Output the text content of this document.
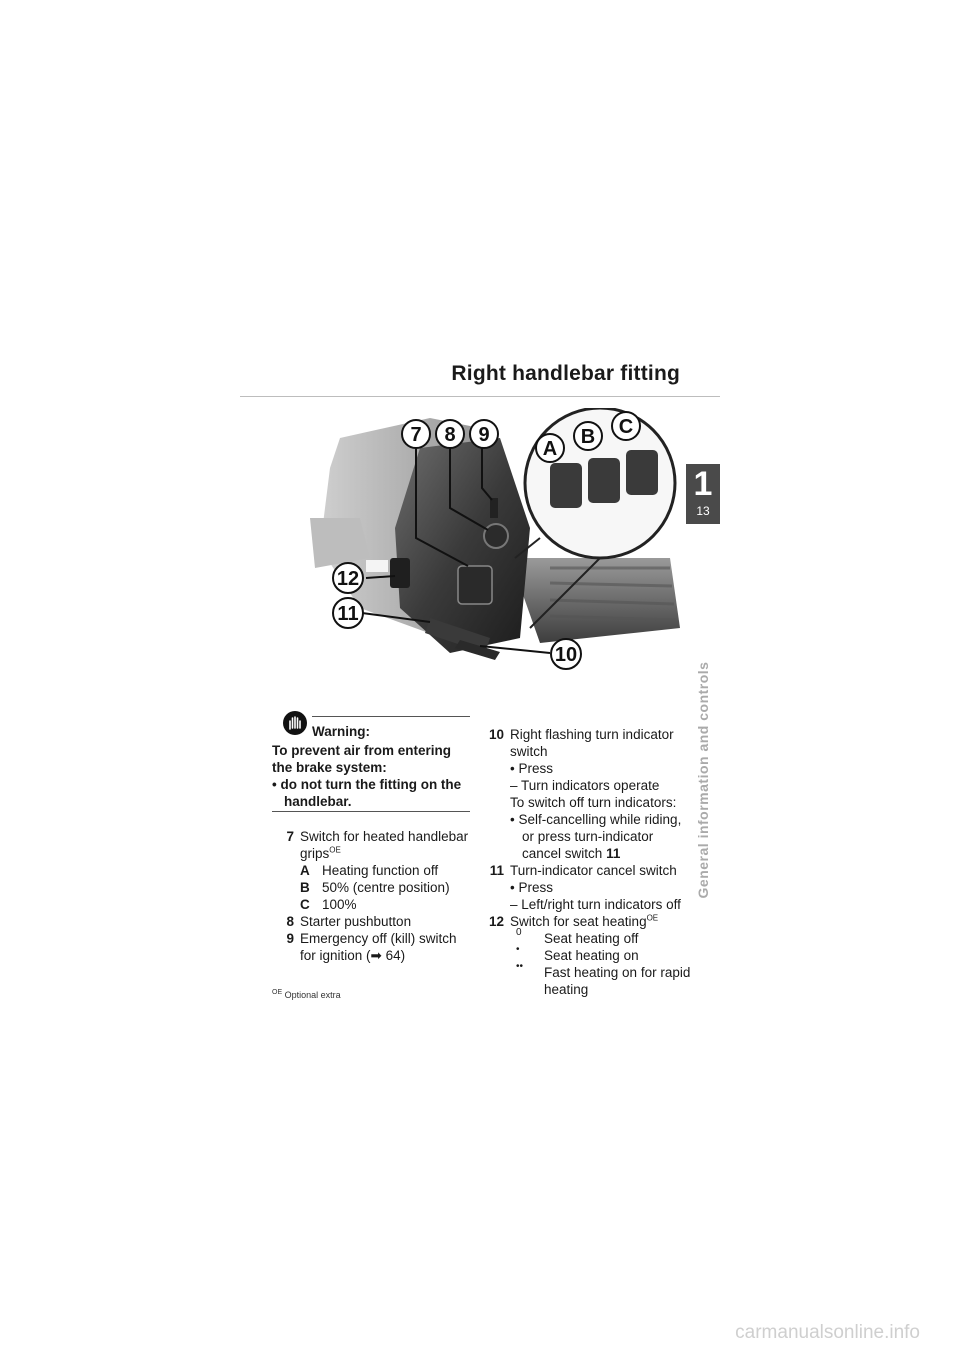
Right handlebar fitting
1
13
General information and controls
7 8 9
A
B C
12
11
10
Warning:
To prevent air from entering the brake system:
• do not turn the fitting on the handlebar.
7 Switch for heated handlebar grips$^{OE}$
A Heating function off
B 50% (centre position)
C 100%
8 Starter pushbutton
9 Emergency off (kill) switch for ignition (➡ 64)
10 Right flashing turn indicator switch
• Press
– Turn indicators operate
To switch off turn indicators:
• Self-cancelling while riding, or press turn-indicator cancel switch 11
11 Turn-indicator cancel switch
• Press
– Left/right turn indicators off
12 Switch for seat heating$^{OE}$
0 Seat heating off
• Seat heating on
•• Fast heating on for rapid heating
$^{OE}$ Optional extra
carmanualsonline.info
